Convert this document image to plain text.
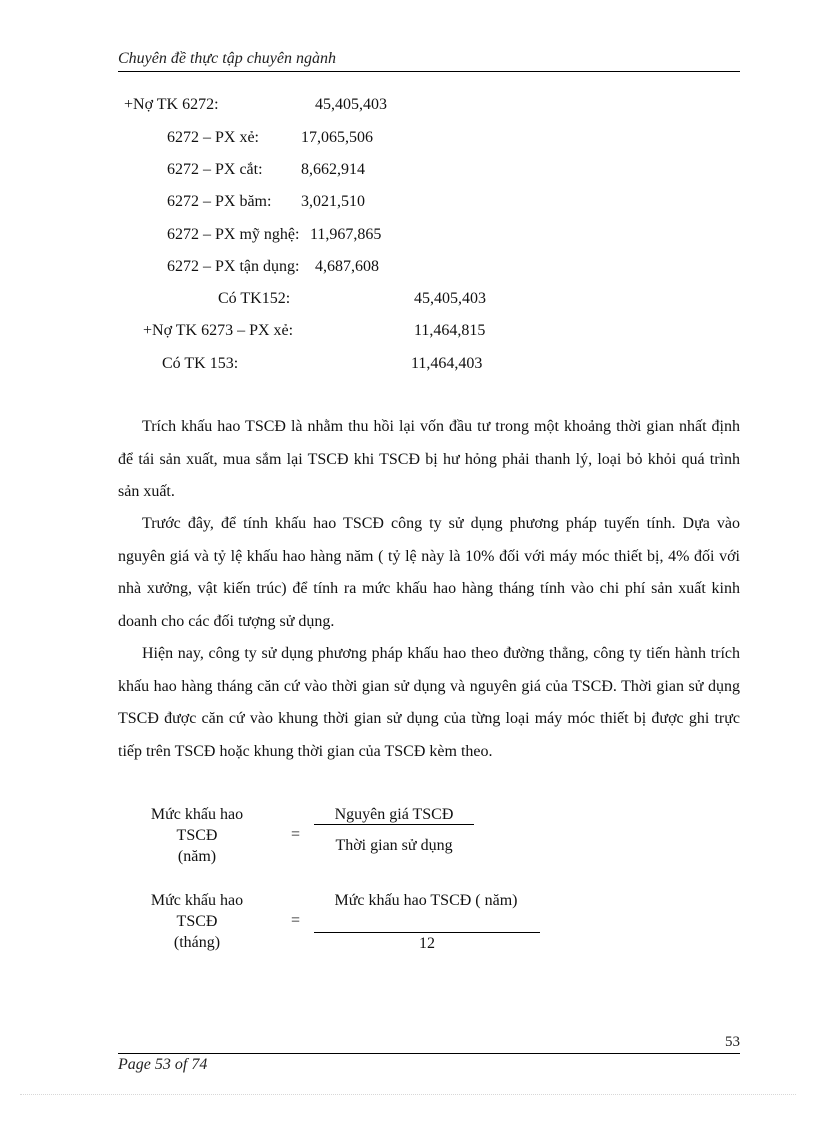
Chuyên đề thực tập chuyên ngành
+Nợ TK 6272:	45,405,403
6272 – PX xẻ:	17,065,506
6272 – PX cắt: 8,662,914
6272 – PX băm: 3,021,510
6272 – PX mỹ nghệ: 11,967,865
6272 – PX tận dụng: 4,687,608
Có TK152:	45,405,403
+Nợ TK 6273 – PX xẻ:	11,464,815
Có TK 153:	11,464,403

Trích khấu hao TSCĐ là nhằm thu hồi lại vốn đầu tư trong một khoảng thời gian nhất định để tái sản xuất, mua sắm lại TSCĐ khi TSCĐ bị hư hỏng phải thanh lý, loại bỏ khỏi quá trình sản xuất.

Trước đây, để tính khấu hao TSCĐ công ty sử dụng phương pháp tuyến tính. Dựa vào nguyên giá và tỷ lệ khấu hao hàng năm ( tỷ lệ này là 10% đối với máy móc thiết bị, 4% đối với nhà xưởng, vật kiến trúc) để tính ra mức khấu hao hàng tháng tính vào chi phí sản xuất kinh doanh cho các đối tượng sử dụng.

Hiện nay, công ty sử dụng phương pháp khấu hao theo đường thẳng, công ty tiến hành trích khấu hao hàng tháng căn cứ vào thời gian sử dụng và nguyên giá của TSCĐ. Thời gian sử dụng TSCĐ được căn cứ vào khung thời gian sử dụng của từng loại máy móc thiết bị được ghi trực tiếp trên TSCĐ hoặc khung thời gian của TSCĐ kèm theo.

Mức khấu hao
TSCĐ
(năm)
=
Nguyên giá TSCĐ
Thời gian sử dụng
Mức khấu hao
TSCĐ
(tháng)
=
Mức khấu hao TSCĐ ( năm)
12
53
Page 53 of 74
